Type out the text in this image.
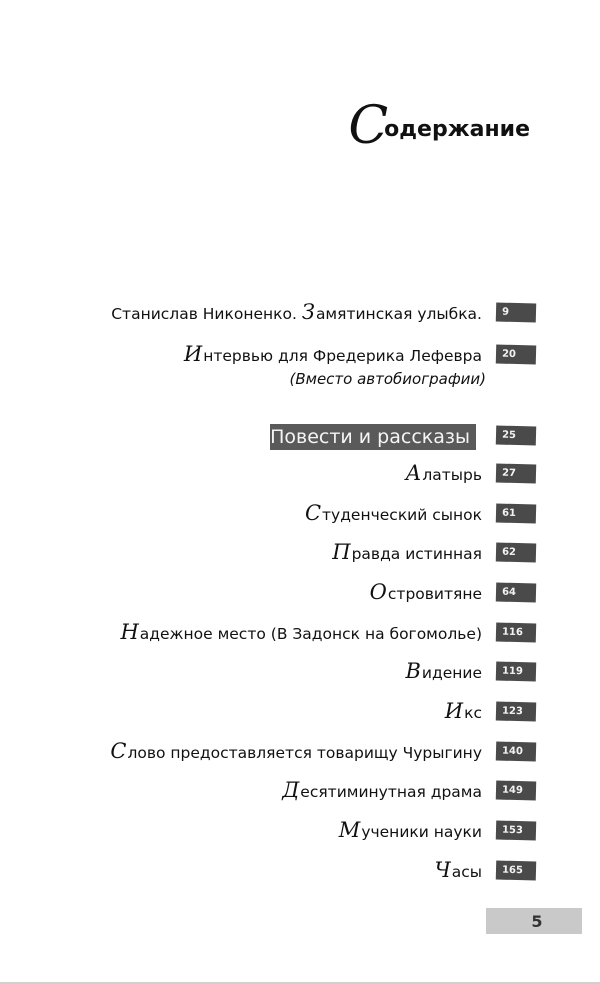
С
одержание
Станислав Никоненко. Замятинская улыбка.	9
Интервью для Фредерика Лефевра	20
(Вместо автобиографии)
Повести и рассказы	25
Алатырь	27
Студенческий сынок	61
Правда истинная	62
Островитяне	64
Надежное место (В Задонск на богомолье)	116
Видение	119
Икс	123
Слово предоставляется товарищу Чурыгину	140
Десятиминутная драма	149
Мученики науки	153
Часы	165
5
